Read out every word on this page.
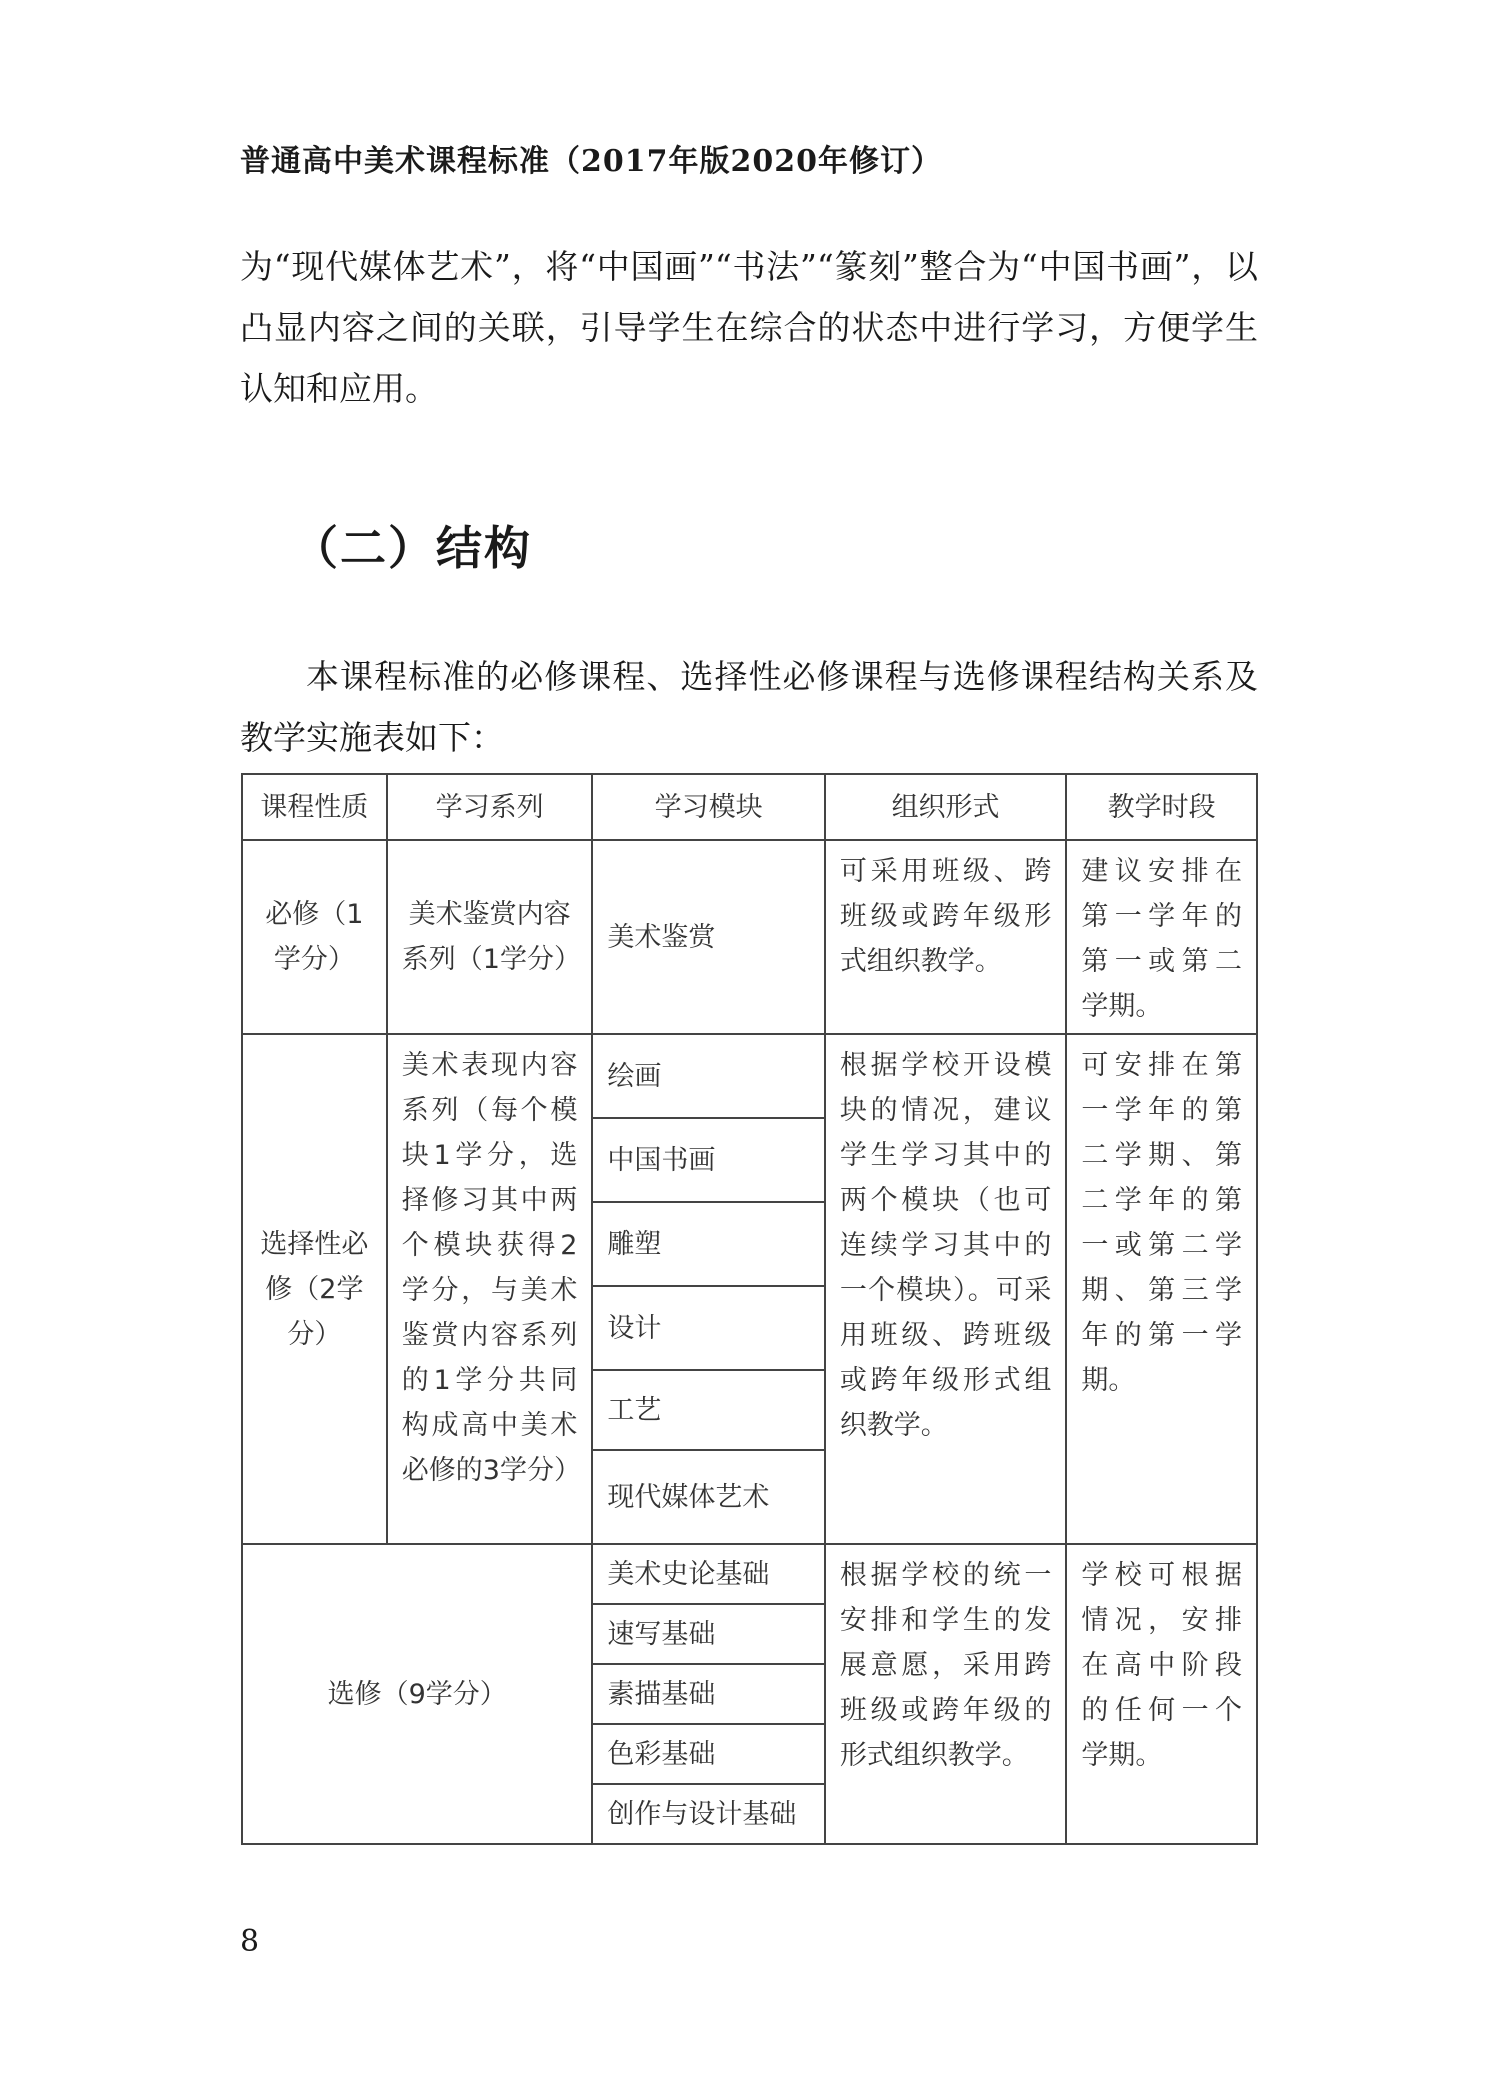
普通高中美术课程标准（2017年版2020年修订）

为“现代媒体艺术”，将“中国画”“书法”“篆刻”整合为“中国书画”，以凸显内容之间的关联，引导学生在综合的状态中进行学习，方便学生认知和应用。

（二）结构

本课程标准的必修课程、选择性必修课程与选修课程结构关系及教学实施表如下：

课程性质	学习系列	学习模块	组织形式	教学时段
必修（1学分）	美术鉴赏内容系列（1学分）	美术鉴赏	可采用班级、跨班级或跨年级形式组织教学。	建议安排在第一学年的第一或第二学期。
选择性必修（2学分）	美术表现内容系列（每个模块1学分，选择修习其中两个模块获得2学分，与美术鉴赏内容系列的1学分共同构成高中美术必修的3学分）	绘画	根据学校开设模块的情况，建议学生学习其中的两个模块（也可连续学习其中的一个模块）。可采用班级、跨班级或跨年级形式组织教学。	可安排在第一学年的第二学期、第二学年的第一或第二学期、第三学年的第一学期。
		中国书画		
		雕塑		
		设计		
		工艺		
		现代媒体艺术		
选修（9学分）		美术史论基础	根据学校的统一安排和学生的发展意愿，采用跨班级或跨年级的形式组织教学。	学校可根据情况，安排在高中阶段的任何一个学期。
		速写基础		
		素描基础		
		色彩基础		
		创作与设计基础		
8
